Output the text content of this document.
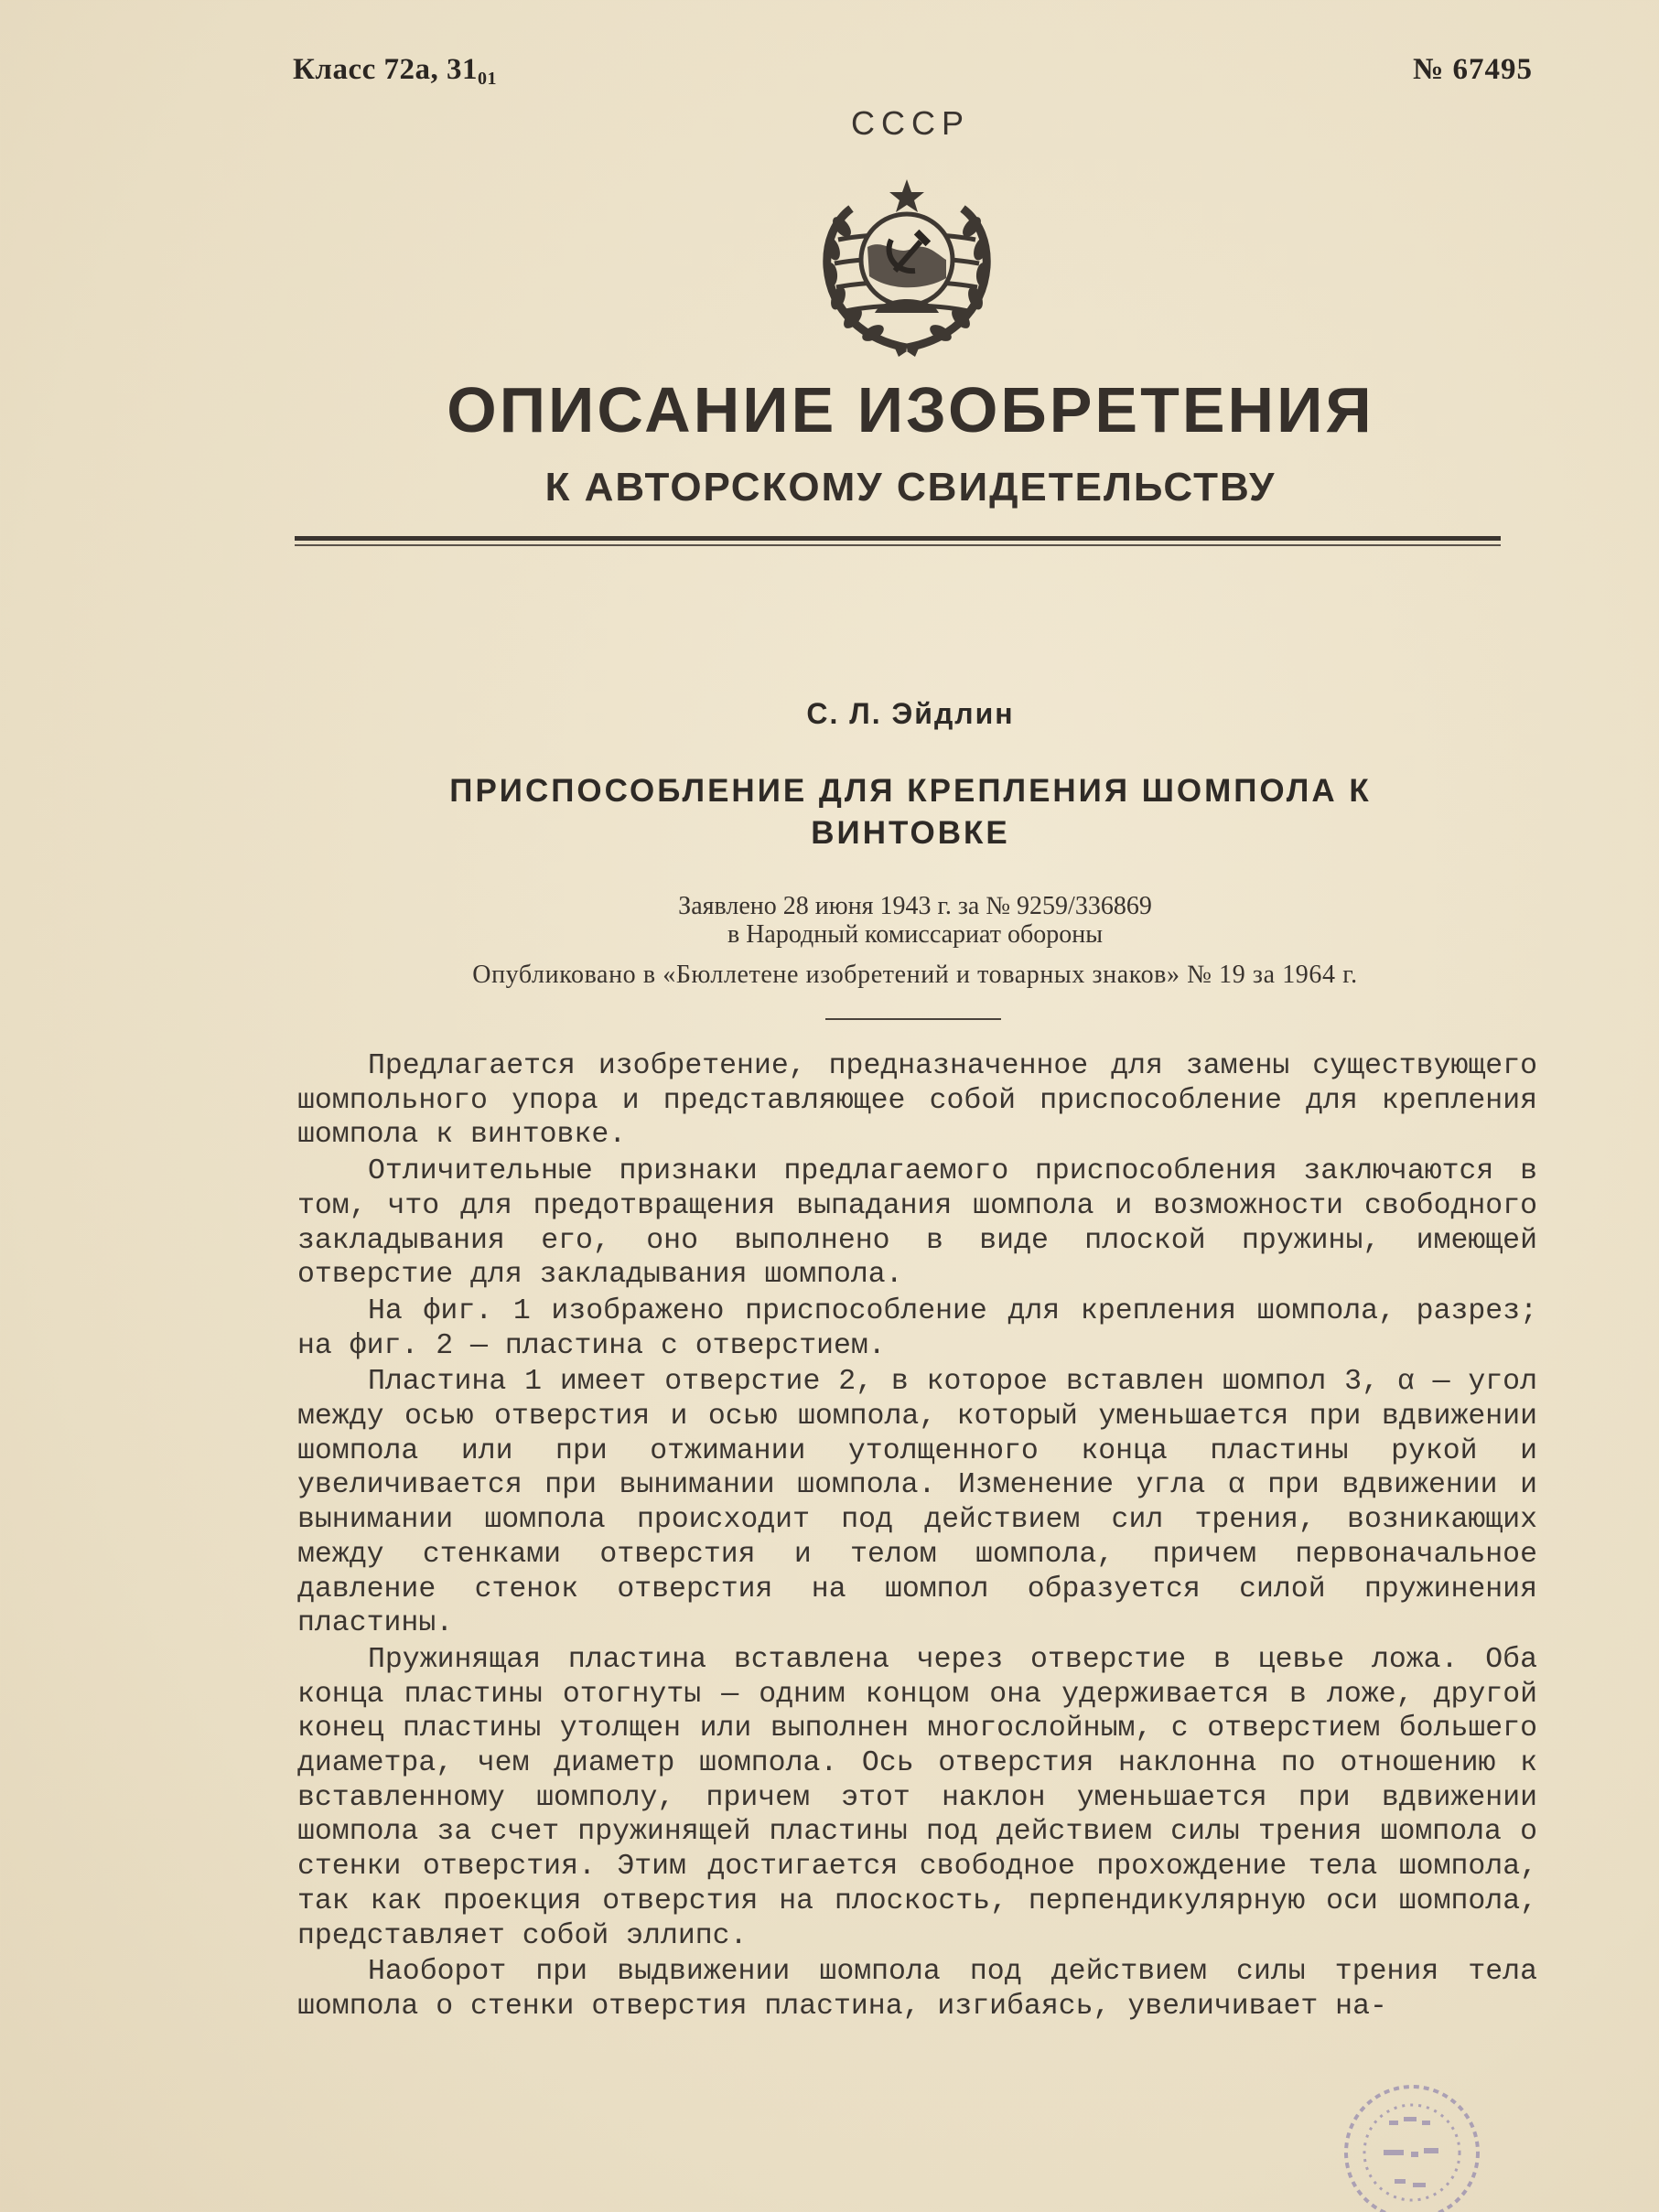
Класс 72а, $31_{01}$	№ 67495
СССР
ОПИСАНИЕ ИЗОБРЕТЕНИЯ
К АВТОРСКОМУ СВИДЕТЕЛЬСТВУ
С. Л. Эйдлин
ПРИСПОСОБЛЕНИЕ ДЛЯ КРЕПЛЕНИЯ ШОМПОЛА К
ВИНТОВКЕ
Заявлено 28 июня 1943 г. за № 9259/336869
в Народный комиссариат обороны
Опубликовано в «Бюллетене изобретений и товарных знаков» № 19 за 1964 г.

Предлагается изобретение, предназначенное для замены существующего шомпольного упора и представляющее собой приспособление для крепления шомпола к винтовке.

Отличительные признаки предлагаемого приспособления заключаются в том, что для предотвращения выпадания шомпола и возможности свободного закладывания его, оно выполнено в виде плоской пружины, имеющей отверстие для закладывания шомпола.

На фиг. 1 изображено приспособление для крепления шомпола, разрез; на фиг. 2 — пластина с отверстием.

Пластина 1 имеет отверстие 2, в которое вставлен шомпол 3, α — угол между осью отверстия и осью шомпола, который уменьшается при вдвижении шомпола или при отжимании утолщенного конца пластины рукой и увеличивается при вынимании шомпола. Изменение угла α при вдвижении и вынимании шомпола происходит под действием сил трения, возникающих между стенками отверстия и телом шомпола, причем первоначальное давление стенок отверстия на шомпол образуется силой пружинения пластины.

Пружинящая пластина вставлена через отверстие в цевье ложа. Оба конца пластины отогнуты — одним концом она удерживается в ложе, другой конец пластины утолщен или выполнен многослойным, с отверстием большего диаметра, чем диаметр шомпола. Ось отверстия наклонна по отношению к вставленному шомполу, причем этот наклон уменьшается при вдвижении шомпола за счет пружинящей пластины под действием силы трения шомпола о стенки отверстия. Этим достигается свободное прохождение тела шомпола, так как проекция отверстия на плоскость, перпендикулярную оси шомпола, представляет собой эллипс.

Наоборот при выдвижении шомпола под действием силы трения тела шомпола о стенки отверстия пластина, изгибаясь, увеличивает на-
